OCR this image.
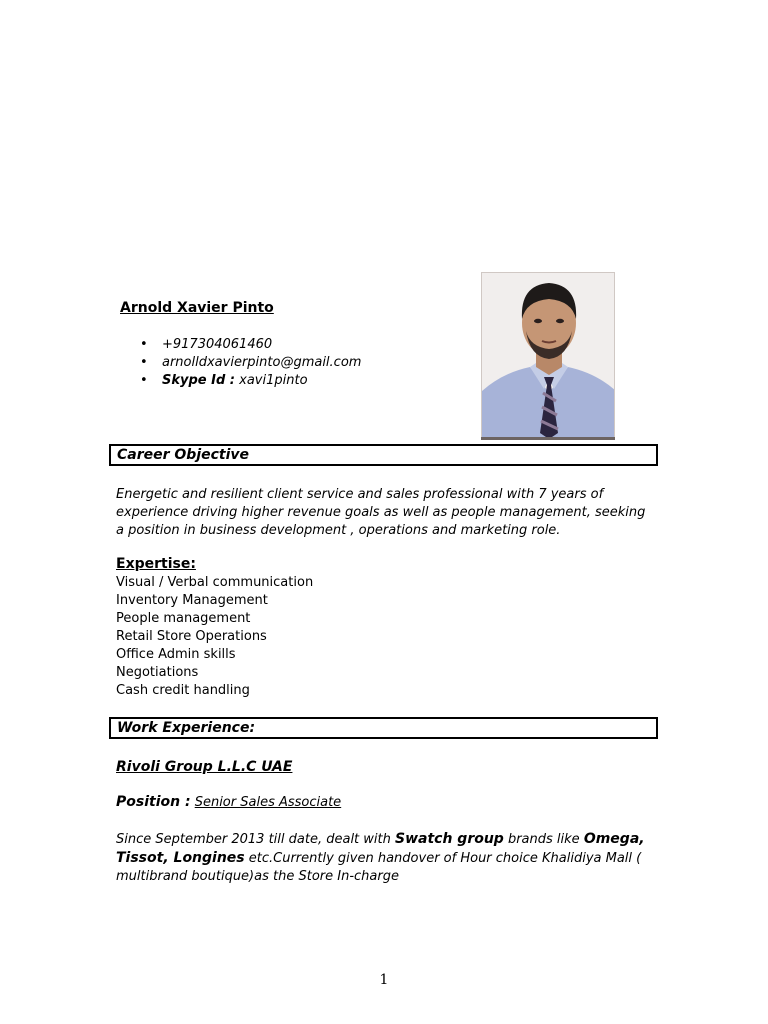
Arnold Xavier Pinto
• +917304061460
• arnolldxavierpinto@gmail.com
• Skype Id : xavi1pinto
Career Objective
Energetic and resilient client service and sales professional with 7 years of experience driving higher revenue goals as well as people management, seeking a position in business development , operations and marketing role.
Expertise:
Visual / Verbal communication
Inventory Management
People management
Retail Store Operations
Office Admin skills
Negotiations
Cash credit handling
Work Experience:
Rivoli Group L.L.C UAE
Position : Senior Sales Associate
Since September 2013 till date, dealt with Swatch group brands like Omega, Tissot, Longines etc.Currently given handover of Hour choice Khalidiya Mall ( multibrand boutique)as the Store In-charge
1
